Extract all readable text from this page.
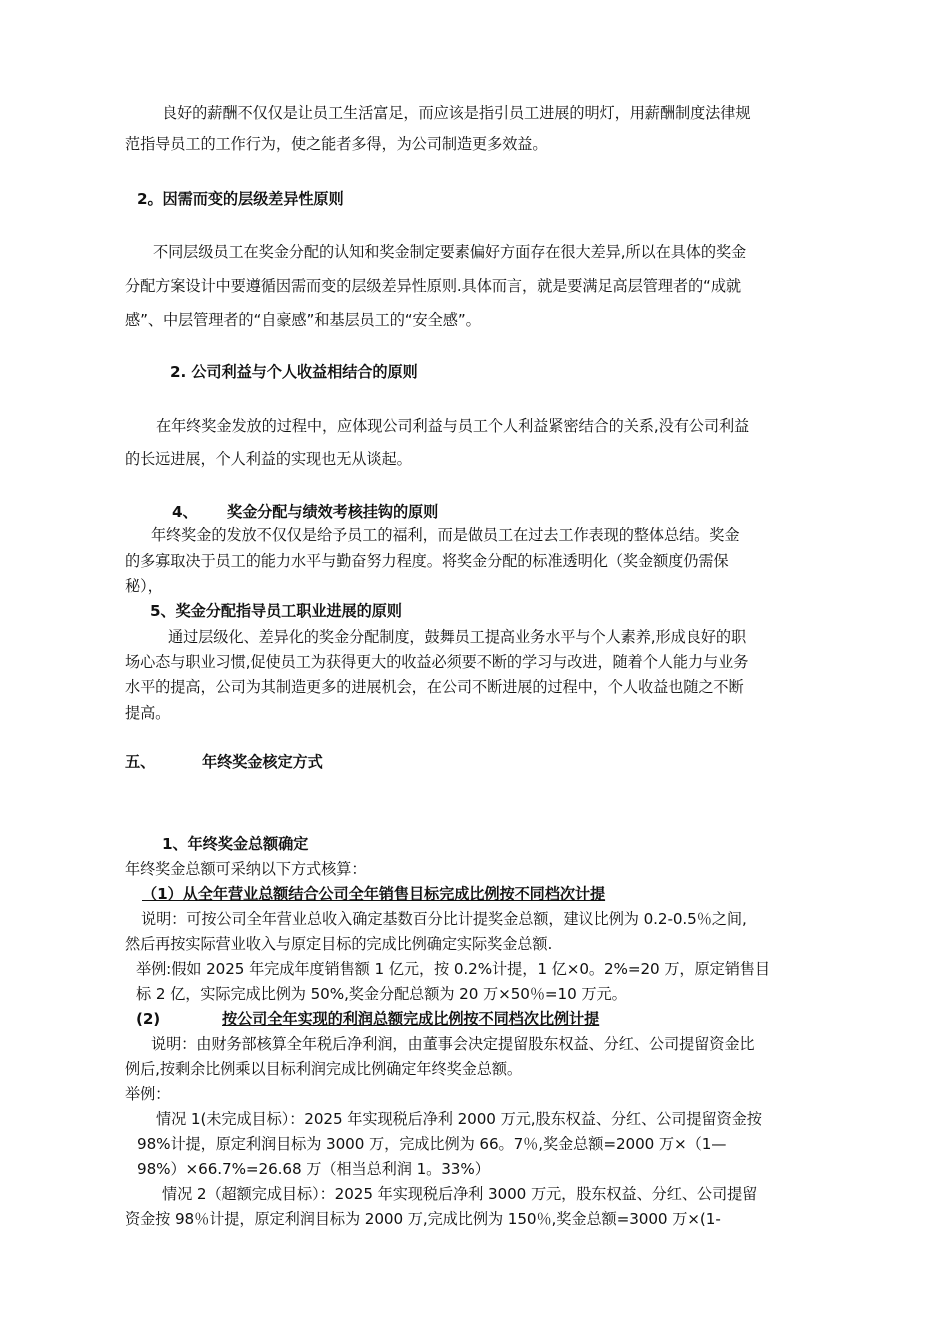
良好的薪酬不仅仅是让员工生活富足，而应该是指引员工进展的明灯，用薪酬制度法律规
范指导员工的工作行为，使之能者多得，为公司制造更多效益。
2。因需而变的层级差异性原则
不同层级员工在奖金分配的认知和奖金制定要素偏好方面存在很大差异,所以在具体的奖金
分配方案设计中要遵循因需而变的层级差异性原则.具体而言，就是要满足高层管理者的“成就
感”、中层管理者的“自豪感”和基层员工的“安全感”。
2. 公司利益与个人收益相结合的原则
在年终奖金发放的过程中，应体现公司利益与员工个人利益紧密结合的关系,没有公司利益
的长远进展，个人利益的实现也无从谈起。
4、 奖金分配与绩效考核挂钩的原则
年终奖金的发放不仅仅是给予员工的福利，而是做员工在过去工作表现的整体总结。奖金
的多寡取决于员工的能力水平与勤奋努力程度。将奖金分配的标准透明化（奖金额度仍需保
秘），
5、奖金分配指导员工职业进展的原则
通过层级化、差异化的奖金分配制度，鼓舞员工提高业务水平与个人素养,形成良好的职
场心态与职业习惯,促使员工为获得更大的收益必须要不断的学习与改进，随着个人能力与业务
水平的提高，公司为其制造更多的进展机会，在公司不断进展的过程中，个人收益也随之不断
提高。
五、	年终奖金核定方式
1、年终奖金总额确定
年终奖金总额可采纳以下方式核算：
（1）从全年营业总额结合公司全年销售目标完成比例按不同档次计提
说明：可按公司全年营业总收入确定基数百分比计提奖金总额，建议比例为 0.2-0.5％之间,
然后再按实际营业收入与原定目标的完成比例确定实际奖金总额.
举例:假如 2025 年完成年度销售额 1 亿元，按 0.2%计提，1 亿×0。2%=20 万，原定销售目
标 2 亿，实际完成比例为 50%,奖金分配总额为 20 万×50％=10 万元。
(2)	按公司全年实现的利润总额完成比例按不同档次比例计提
说明：由财务部核算全年税后净利润，由董事会决定提留股东权益、分红、公司提留资金比
例后,按剩余比例乘以目标利润完成比例确定年终奖金总额。
举例：
情况 1(未完成目标）：2025 年实现税后净利 2000 万元,股东权益、分红、公司提留资金按
98%计提，原定利润目标为 3000 万，完成比例为 66。7％,奖金总额=2000 万×（1—
98%）×66.7%=26.68 万（相当总利润 1。33%）
情况 2（超额完成目标）：2025 年实现税后净利 3000 万元，股东权益、分红、公司提留
资金按 98％计提，原定利润目标为 2000 万,完成比例为 150％,奖金总额=3000 万×(1-
